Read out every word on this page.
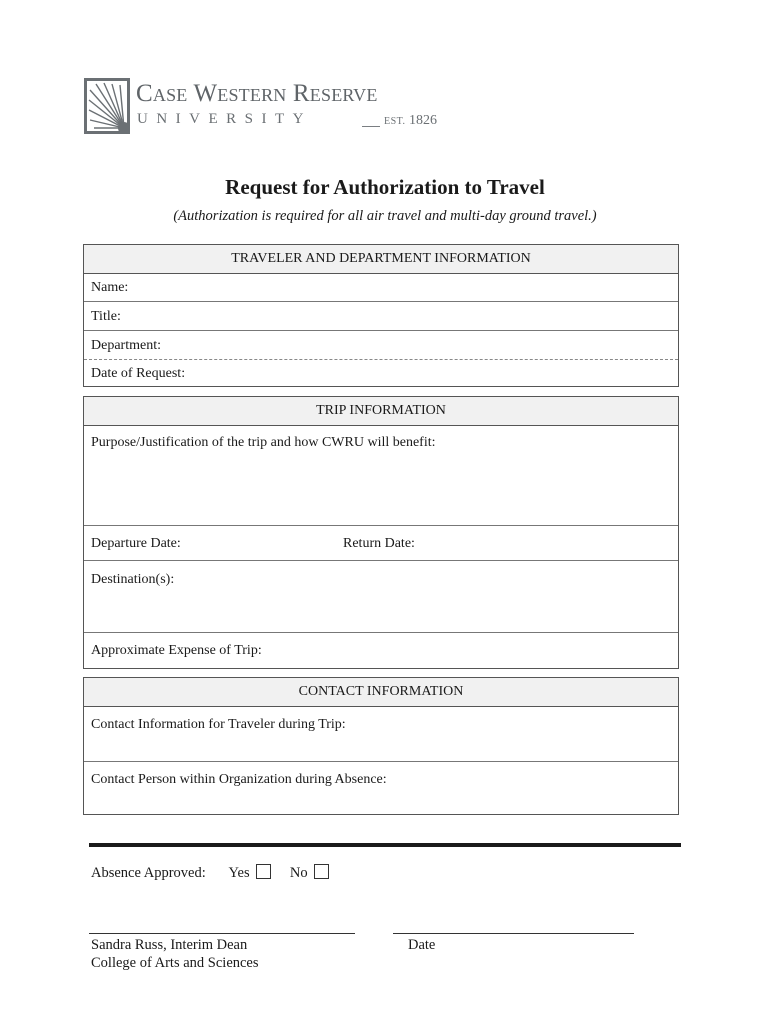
Case Western Reserve
UNIVERSITY	EST. 1826
Request for Authorization to Travel
(Authorization is required for all air travel and multi-day ground travel.)
TRAVELER AND DEPARTMENT INFORMATION
Name:
Title:
Department:
Date of Request:
TRIP INFORMATION
Purpose/Justification of the trip and how CWRU will benefit:
Departure Date:	Return Date:
Destination(s):
Approximate Expense of Trip:
CONTACT INFORMATION
Contact Information for Traveler during Trip:
Contact Person within Organization during Absence:
Absence Approved: Yes	No
Sandra Russ, Interim Dean
College of Arts and Sciences
Date
